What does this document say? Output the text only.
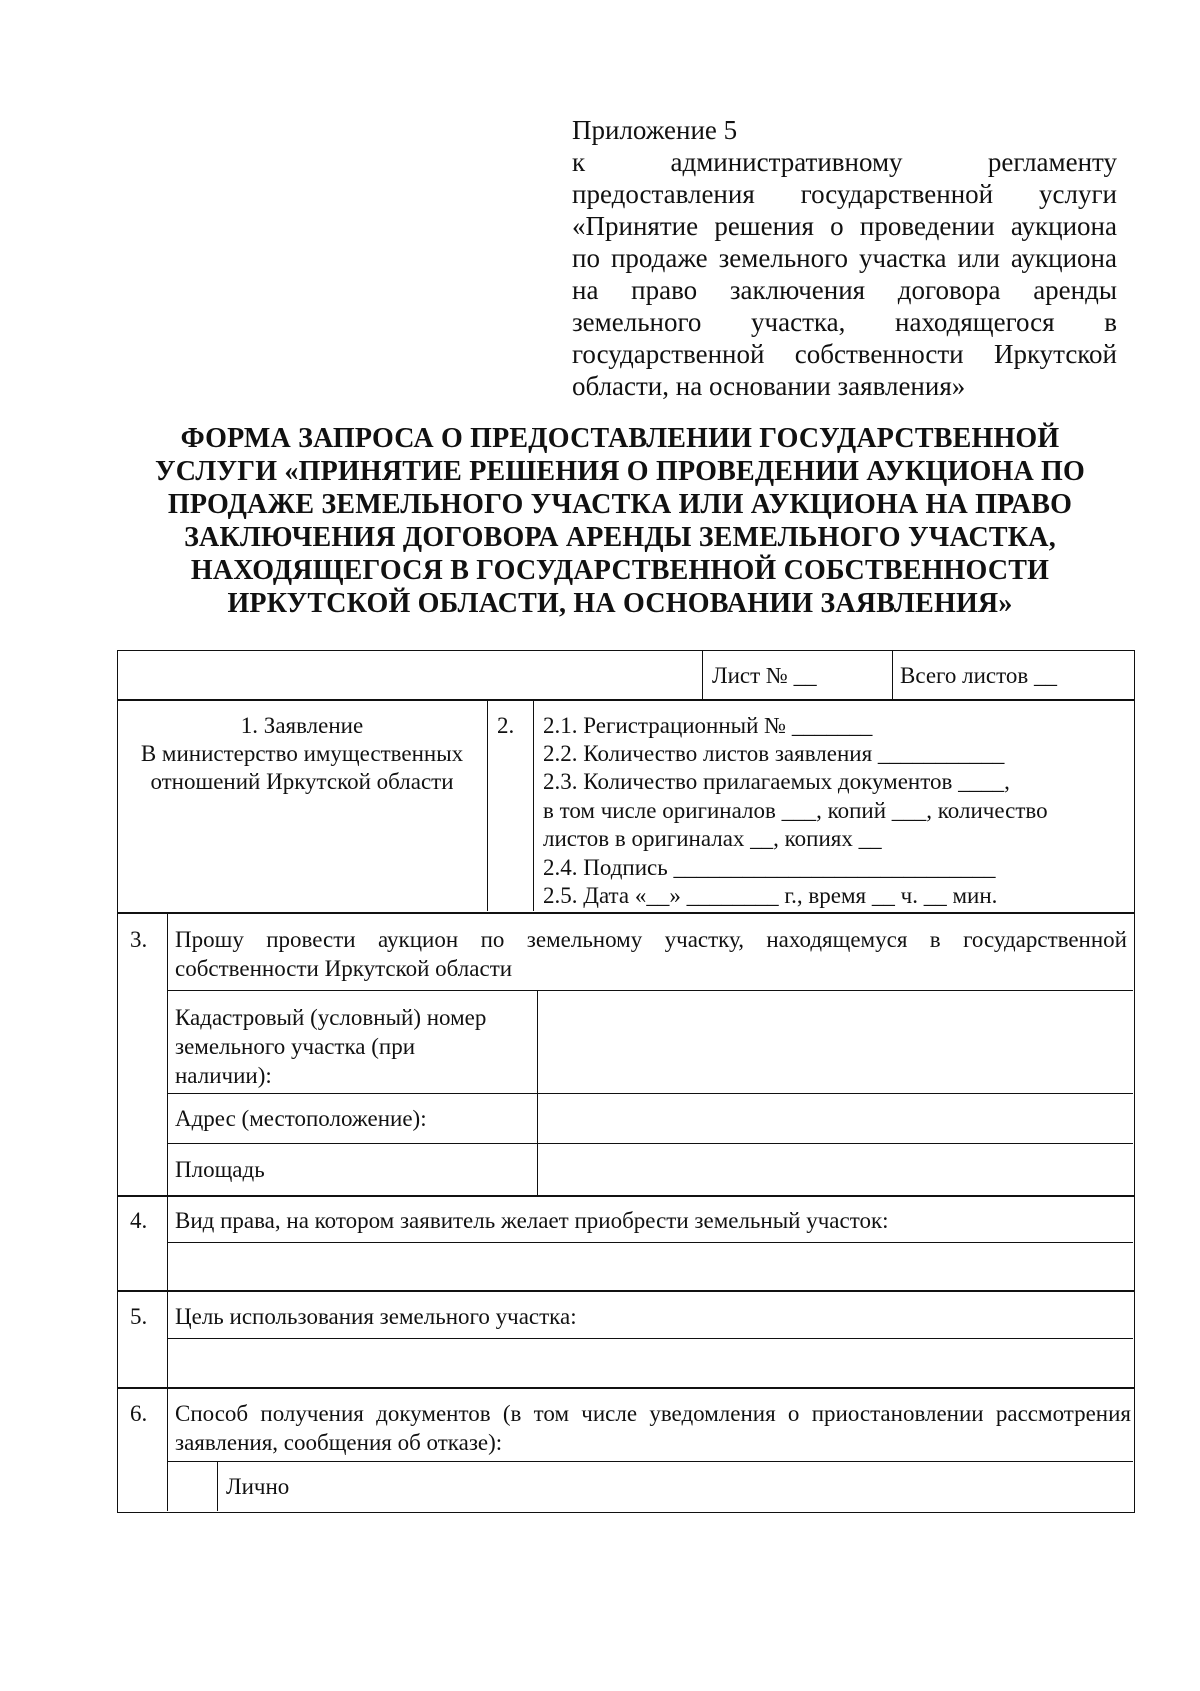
Приложение 5
к административному регламенту
предоставления государственной услуги
«Принятие решения о проведении аукциона
по продаже земельного участка или аукциона
на право заключения договора аренды
земельного участка, находящегося в
государственной собственности Иркутской
области, на основании заявления»
ФОРМА ЗАПРОСА О ПРЕДОСТАВЛЕНИИ ГОСУДАРСТВЕННОЙ
УСЛУГИ «ПРИНЯТИЕ РЕШЕНИЯ О ПРОВЕДЕНИИ АУКЦИОНА ПО
ПРОДАЖЕ ЗЕМЕЛЬНОГО УЧАСТКА ИЛИ АУКЦИОНА НА ПРАВО
ЗАКЛЮЧЕНИЯ ДОГОВОРА АРЕНДЫ ЗЕМЕЛЬНОГО УЧАСТКА,
НАХОДЯЩЕГОСЯ В ГОСУДАРСТВЕННОЙ СОБСТВЕННОСТИ
ИРКУТСКОЙ ОБЛАСТИ, НА ОСНОВАНИИ ЗАЯВЛЕНИЯ»
Лист № __	Всего листов __
1. Заявление
В министерство имущественных
отношений Иркутской области
2. 2.1. Регистрационный № _______
2.2. Количество листов заявления ___________
2.3. Количество прилагаемых документов ____,
в том числе оригиналов ___, копий ___, количество
листов в оригиналах __, копиях __
2.4. Подпись ____________________________
2.5. Дата «__» ________ г., время __ ч. __ мин.
3. Прошу провести аукцион по земельному участку, находящемуся в государственной
собственности Иркутской области
Кадастровый (условный) номер
земельного участка (при
наличии):
Адрес (местоположение):
Площадь
4. Вид права, на котором заявитель желает приобрести земельный участок:
5. Цель использования земельного участка:
6. Способ получения документов (в том числе уведомления о приостановлении рассмотрения
заявления, сообщения об отказе):
Лично
